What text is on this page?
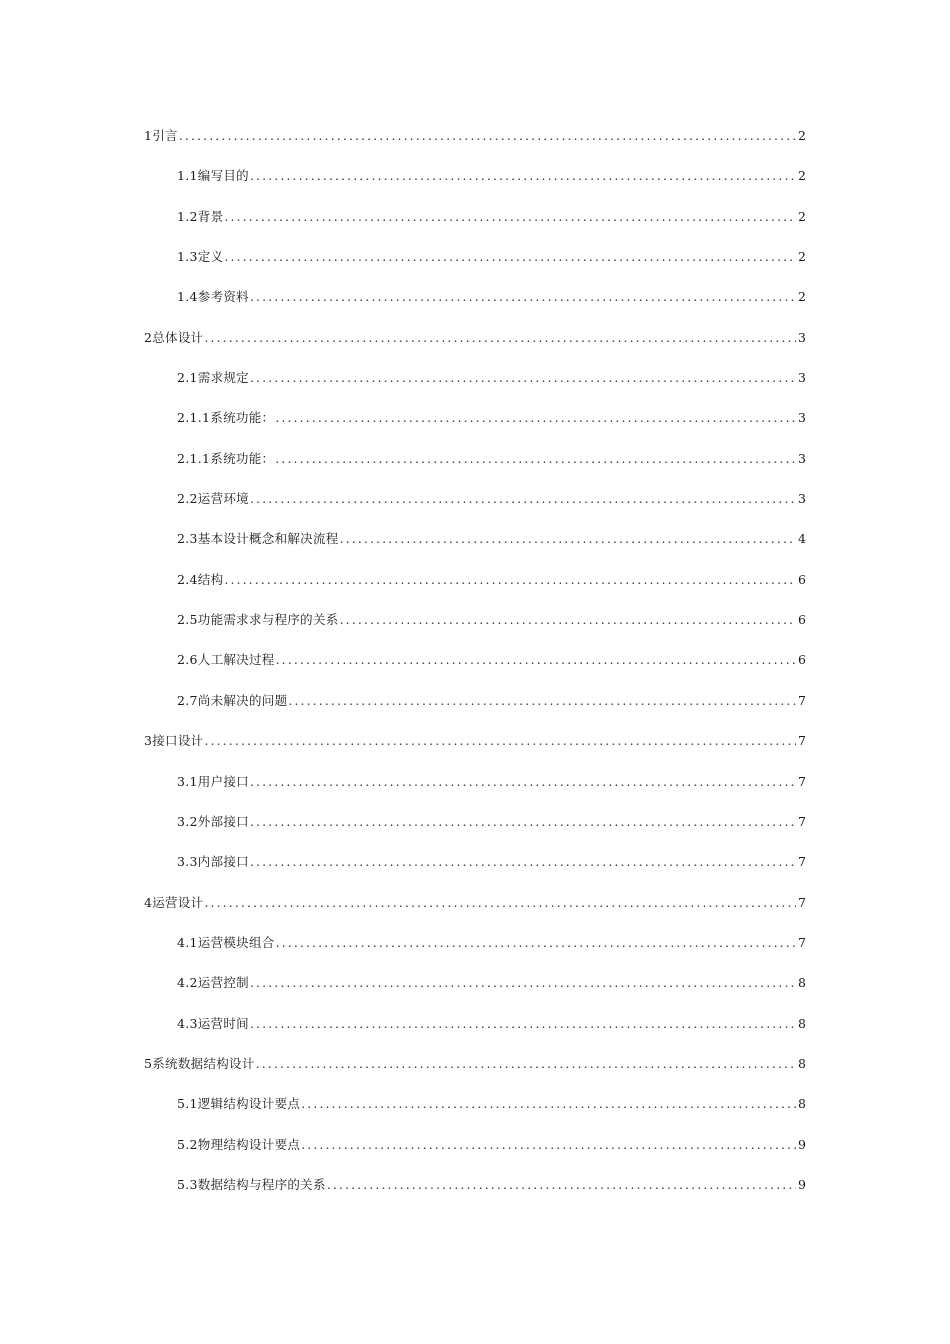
1引言 .....	2
1.1编写目的 .....	2
1.2背景 .....	2
1.3定义 .....	2
1.4参考资料 .....	2
2总体设计 .....	3
2.1需求规定 .....	3
2.1.1系统功能： .....	3
2.1.1系统功能： .....	3
2.2运营环境 .....	3
2.3基本设计概念和解决流程 .....	4
2.4结构 .....	6
2.5功能需求求与程序的关系 .....	6
2.6人工解决过程 .....	6
2.7尚未解决的问题 .....	7
3接口设计 .....	7
3.1用户接口 .....	7
3.2外部接口 .....	7
3.3内部接口 .....	7
4运营设计 .....	7
4.1运营模块组合 .....	7
4.2运营控制 .....	8
4.3运营时间 .....	8
5系统数据结构设计 .....	8
5.1逻辑结构设计要点 .....	8
5.2物理结构设计要点 .....	9
5.3数据结构与程序的关系 .....	9
